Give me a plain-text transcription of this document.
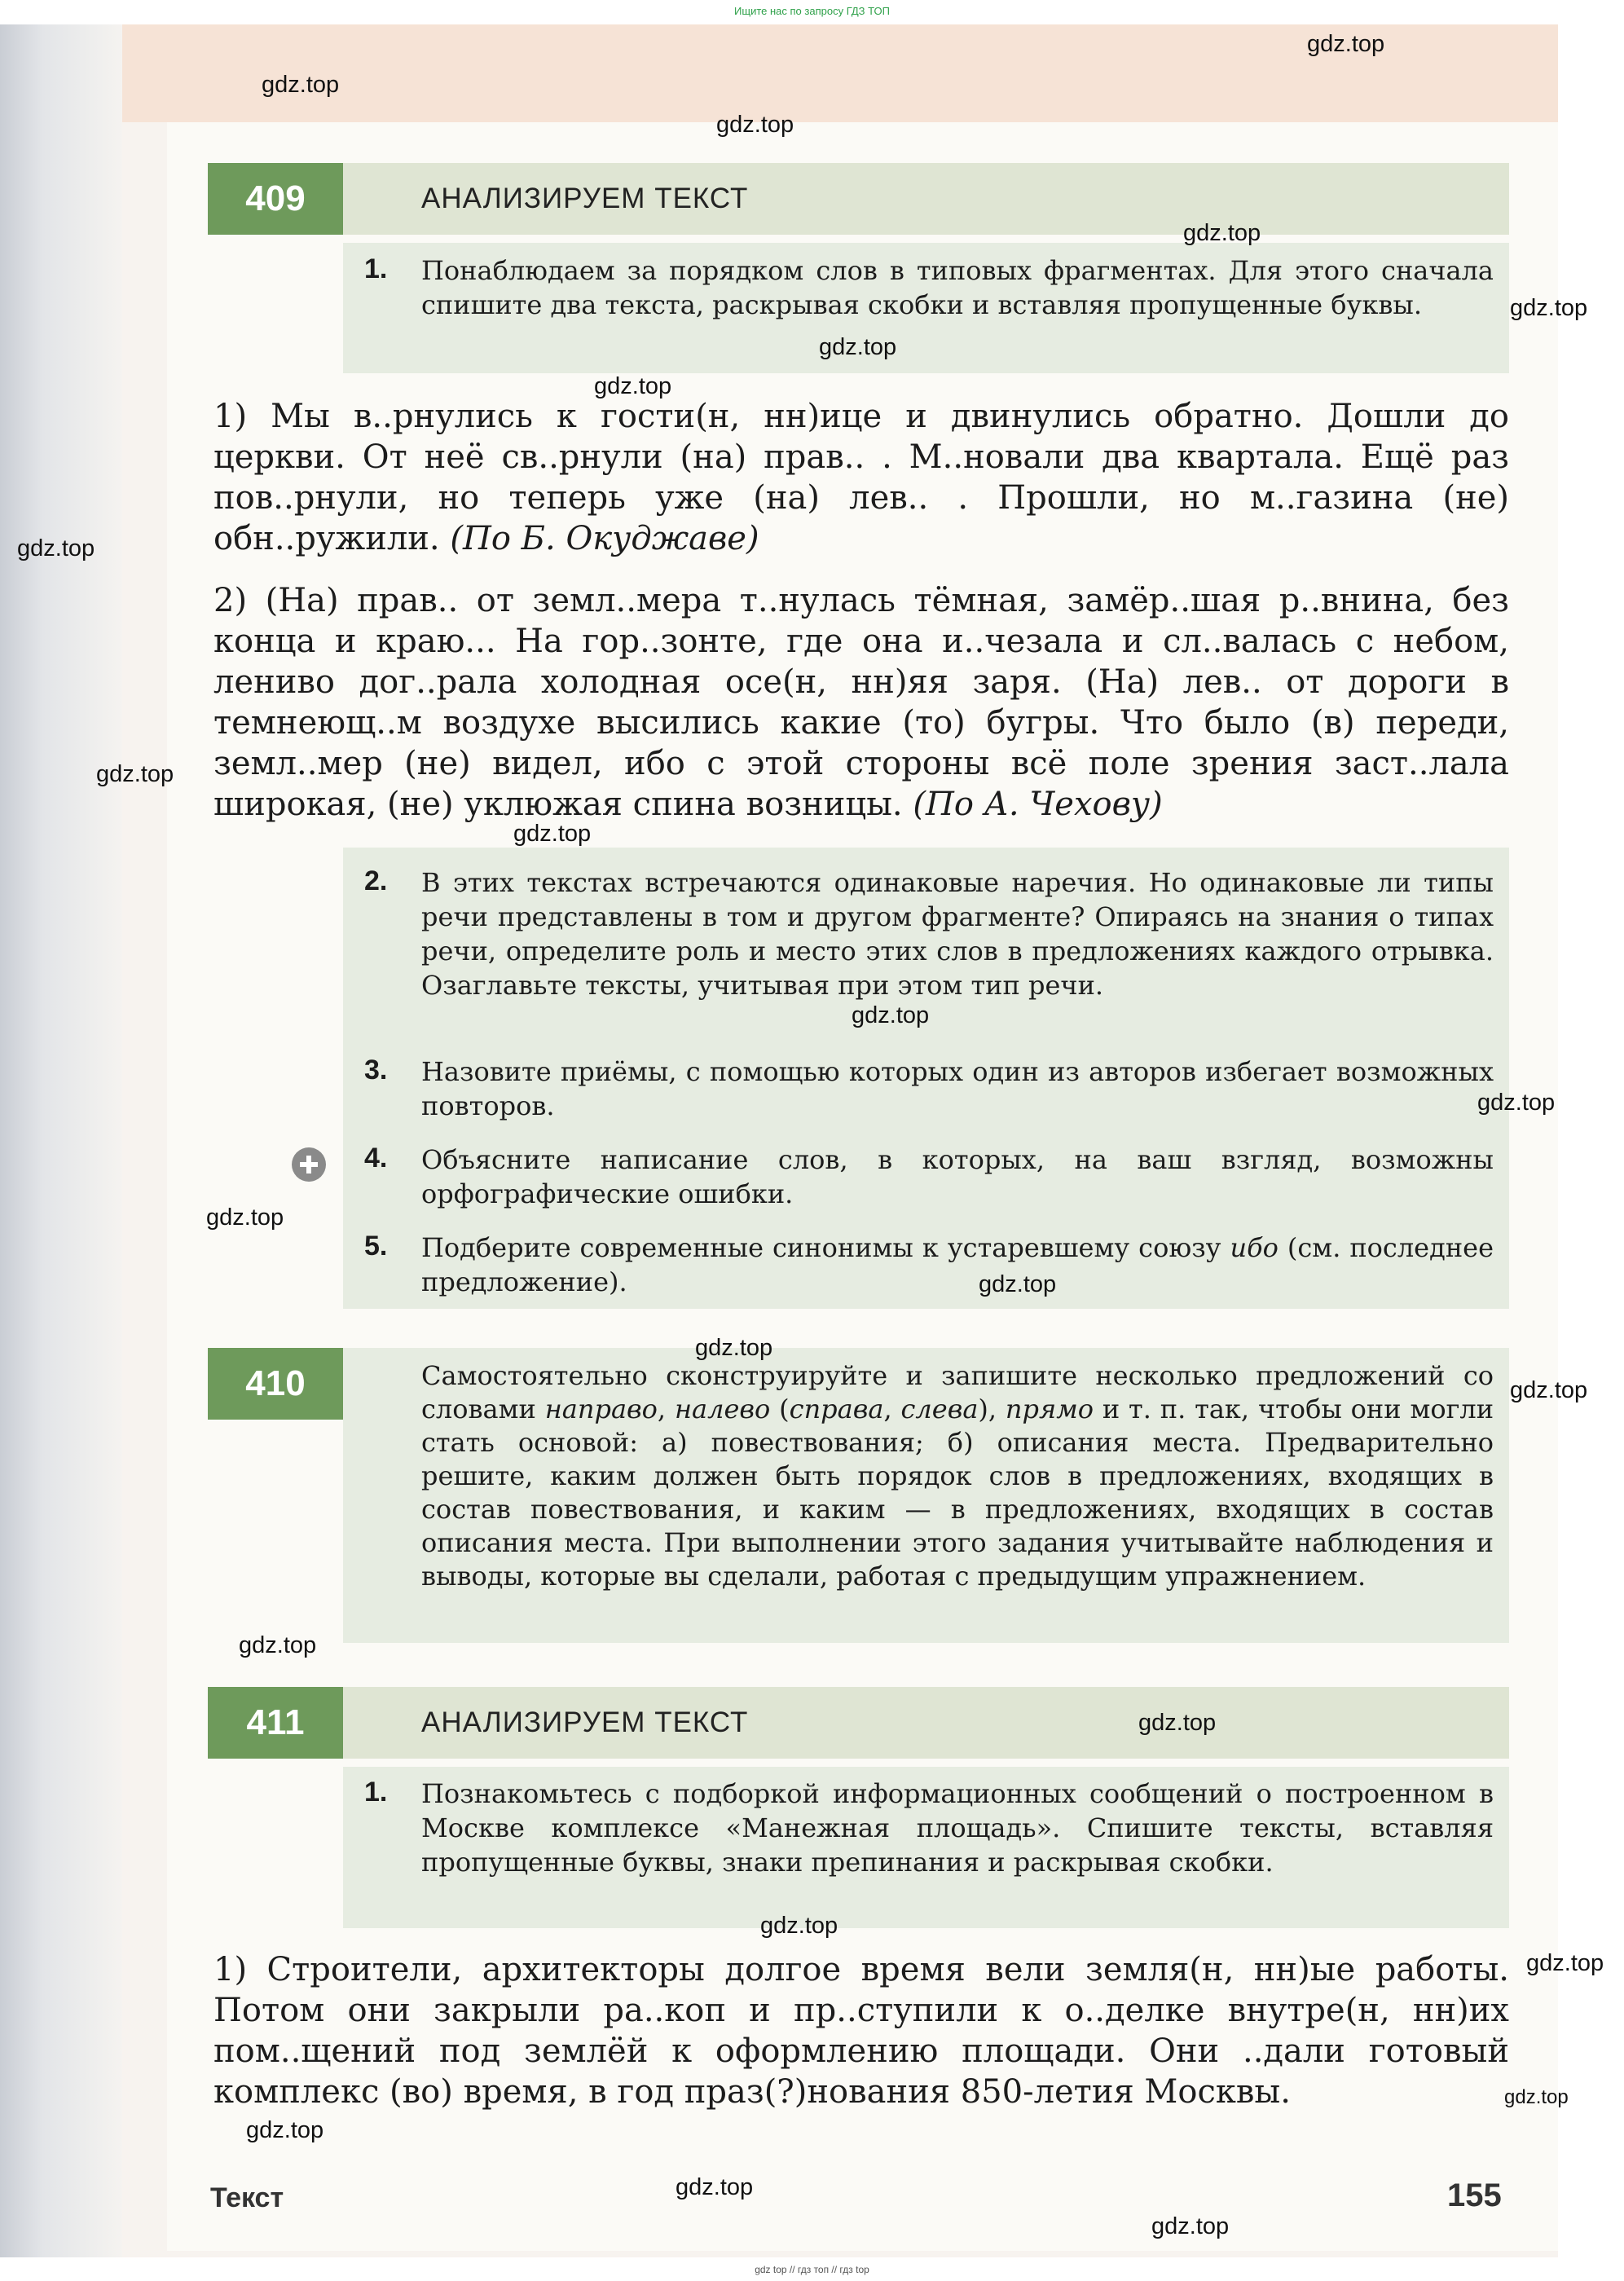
Ищите нас по запросу ГДЗ ТОП
409	АНАЛИЗИРУЕМ ТЕКСТ
1. Понаблюдаем за порядком слов в типовых фрагментах. Для этого сначала спишите два текста, раскрывая скобки и вставляя пропущенные буквы.
1) Мы в..рнулись к гости(н, нн)ице и двинулись обратно. Дошли до церкви. От неё св..рнули (на) прав.. . М..новали два квартала. Ещё раз пов..рнули, но теперь уже (на) лев.. . Прошли, но м..газина (не) обн..ружили. (По Б. Окуджаве)
2) (На) прав.. от земл..мера т..нулась тёмная, замёр..шая р..внина, без конца и краю... На гор..зонте, где она и..чезала и сл..валась с небом, лениво дог..рала холодная осе(н, нн)яя заря. (На) лев.. от дороги в темнеющ..м воздухе высились какие (то) бугры. Что было (в) переди, земл..мер (не) видел, ибо с этой стороны всё поле зрения заст..лала широкая, (не) уклюжая спина возницы. (По А. Чехову)
2. В этих текстах встречаются одинаковые наречия. Но одинаковые ли типы речи представлены в том и другом фрагменте? Опираясь на знания о типах речи, определите роль и место этих слов в предложениях каждого отрывка. Озаглавьте тексты, учитывая при этом тип речи.
3. Назовите приёмы, с помощью которых один из авторов избегает возможных повторов.
4. Объясните написание слов, в которых, на ваш взгляд, возможны орфографические ошибки.
5. Подберите современные синонимы к устаревшему союзу ибо (см. последнее предложение).
410	Самостоятельно сконструируйте и запишите несколько предложений со словами направо, налево (справа, слева), прямо и т. п. так, чтобы они могли стать основой: а) повествования; б) описания места. Предварительно решите, каким должен быть порядок слов в предложениях, входящих в состав повествования, и каким — в предложениях, входящих в состав описания места. При выполнении этого задания учитывайте наблюдения и выводы, которые вы сделали, работая с предыдущим упражнением.
411	АНАЛИЗИРУЕМ ТЕКСТ
1. Познакомьтесь с подборкой информационных сообщений о построенном в Москве комплексе «Манежная площадь». Спишите тексты, вставляя пропущенные буквы, знаки препинания и раскрывая скобки.
1) Строители, архитекторы долгое время вели земля(н, нн)ые работы. Потом они закрыли ра..коп и пр..ступили к о..делке внутре(н, нн)их пом..щений под землёй к оформлению площади. Они ..дали готовый комплекс (во) время, в год праз(?)нования 850-летия Москвы.
Текст	155
gdz.top
gdz.top
gdz.top
gdz.top
gdz.top
gdz.top
gdz.top
gdz.top
gdz.top
gdz.top
gdz.top
gdz.top
gdz.top
gdz.top
gdz.top
gdz.top
gdz.top
gdz.top
gdz.top
gdz.top
gdz.top
gdz.top
gdz.top
gdz.top
gdz top // гдз топ // гдз top
